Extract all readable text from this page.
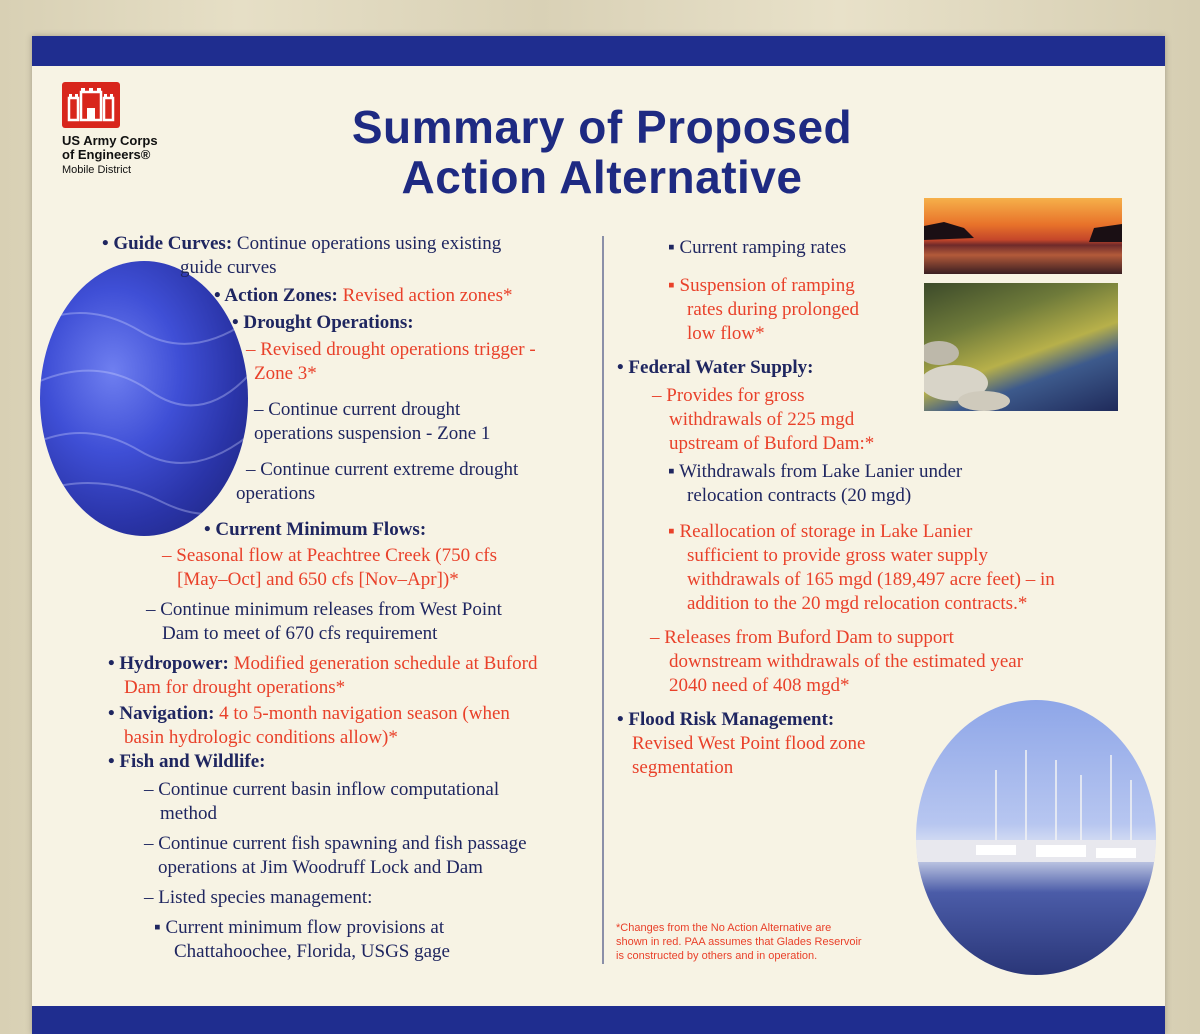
US Army Corps
of Engineers®
Mobile District
Summary of Proposed
Action Alternative
• Guide Curves: Continue operations using existing
guide curves
• Action Zones: Revised action zones*
• Drought Operations:
– Revised drought operations trigger -
Zone 3*
– Continue current drought
operations suspension - Zone 1
– Continue current extreme drought
operations
• Current Minimum Flows:
– Seasonal flow at Peachtree Creek (750 cfs
[May–Oct] and 650 cfs [Nov–Apr])*
– Continue minimum releases from West Point
Dam to meet of 670 cfs requirement
• Hydropower: Modified generation schedule at Buford
Dam for drought operations*
• Navigation: 4 to 5-month navigation season (when
basin hydrologic conditions allow)*
• Fish and Wildlife:
– Continue current basin inflow computational
method
– Continue current fish spawning and fish passage
operations at Jim Woodruff Lock and Dam
– Listed species management:
▪ Current minimum flow provisions at
Chattahoochee, Florida, USGS gage
▪ Current ramping rates
▪ Suspension of ramping
rates during prolonged
low flow*
• Federal Water Supply:
– Provides for gross
withdrawals of 225 mgd
upstream of Buford Dam:*
▪ Withdrawals from Lake Lanier under
relocation contracts (20 mgd)
▪ Reallocation of storage in Lake Lanier
sufficient to provide gross water supply
withdrawals of 165 mgd (189,497 acre feet) – in
addition to the 20 mgd relocation contracts.*
– Releases from Buford Dam to support
downstream withdrawals of the estimated year
2040 need of 408 mgd*
• Flood Risk Management:
Revised West Point flood zone
segmentation
*Changes from the No Action Alternative are
shown in red. PAA assumes that Glades Reservoir
is constructed by others and in operation.
